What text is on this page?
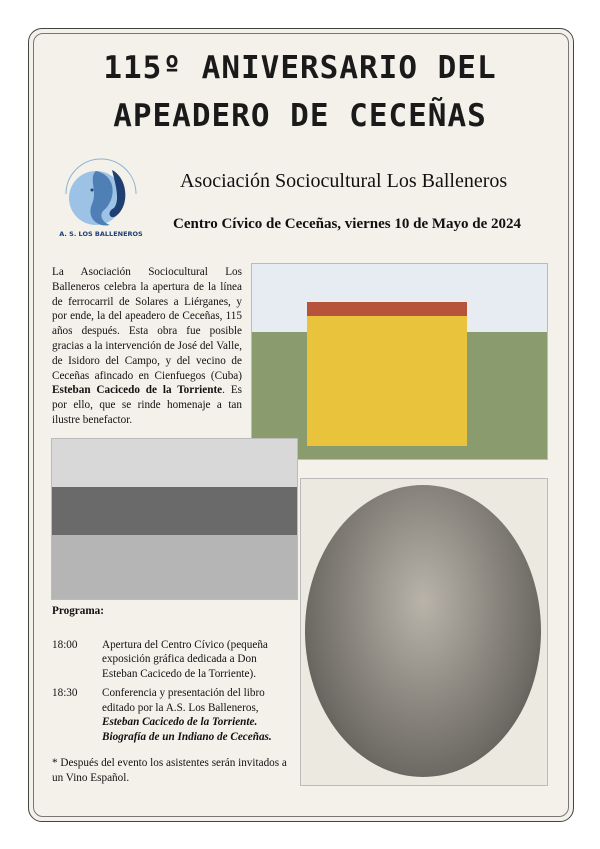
115º ANIVERSARIO DEL
APEADERO DE CECEÑAS
A. S. LOS BALLENEROS
Asociación Sociocultural Los Balleneros
Centro Cívico de Ceceñas, viernes 10 de Mayo de 2024
La Asociación Sociocultural Los Balleneros celebra la apertura de la línea de ferrocarril de Solares a Liérganes, y por ende, la del apeadero de Ceceñas, 115 años después. Esta obra fue posible gracias a la intervención de José del Valle, de Isidoro del Campo, y del vecino de Ceceñas afincado en Cienfuegos (Cuba) Esteban Cacicedo de la Torriente. Es por ello, que se rinde homenaje a tan ilustre benefactor.
Programa:
18:00	Apertura del Centro Cívico (pequeña exposición gráfica dedicada a Don Esteban Cacicedo de la Torriente).
18:30	Conferencia y presentación del libro editado por la A.S. Los Balleneros, Esteban Cacicedo de la Torriente. Biografía de un Indiano de Ceceñas.
* Después del evento los asistentes serán invitados a un Vino Español.
